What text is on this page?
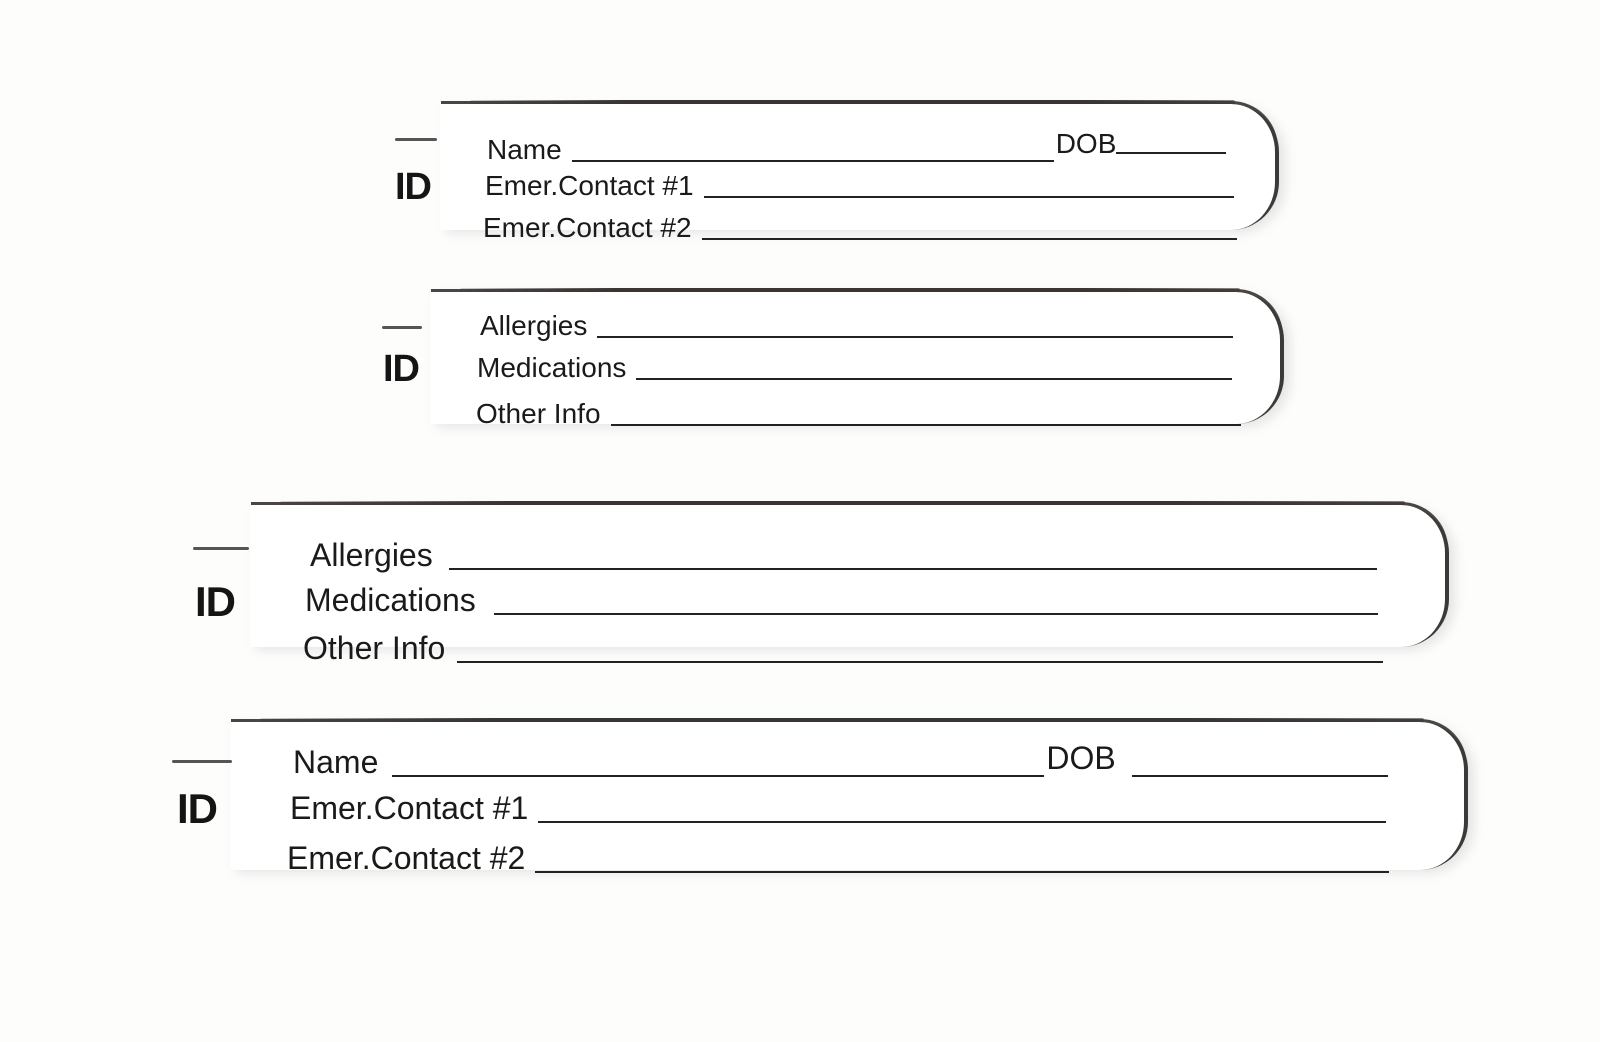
ID
Name	DOB
Emer.Contact #1
Emer.Contact #2
ID
Allergies
Medications
Other Info
ID
Allergies
Medications
Other Info
ID
Name	DOB
Emer.Contact #1
Emer.Contact #2
